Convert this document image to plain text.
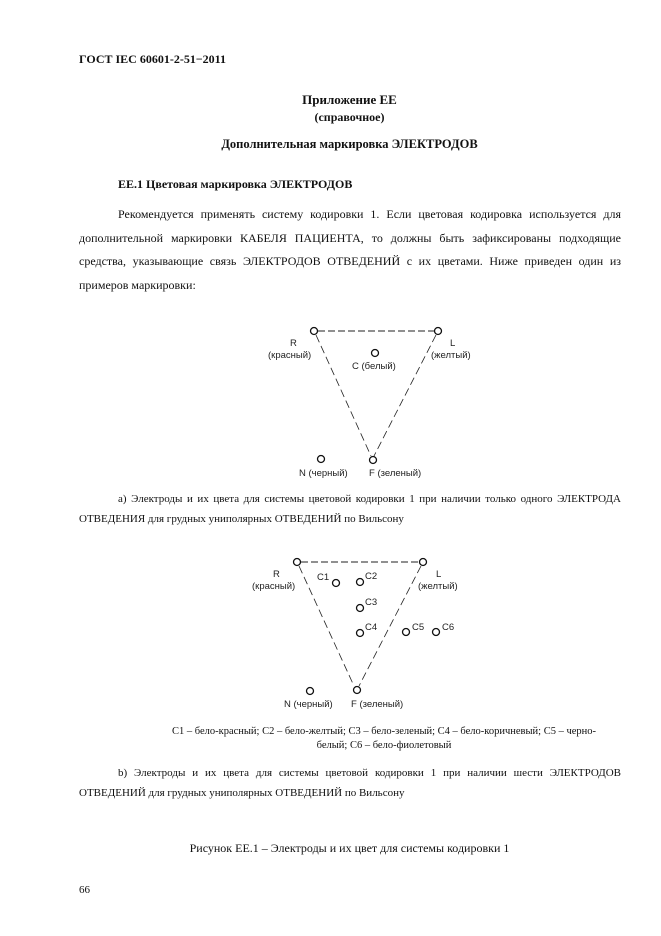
ГОСТ IEC 60601-2-51−2011
Приложение ЕЕ
(справочное)
Дополнительная маркировка ЭЛЕКТРОДОВ
ЕЕ.1 Цветовая маркировка ЭЛЕКТРОДОВ
Рекомендуется применять систему кодировки 1. Если цветовая кодировка используется для дополнительной маркировки КАБЕЛЯ ПАЦИЕНТА, то должны быть зафиксированы подходящие средства, указывающие связь ЭЛЕКТРОДОВ ОТВЕДЕНИЙ с их цветами. Ниже приведен один из примеров маркировки:
R
(красный)
L
(желтый)
C (белый)
N (черный) F (зеленый)
а) Электроды и их цвета для системы цветовой кодировки 1 при наличии только одного ЭЛЕКТРОДА ОТВЕДЕНИЯ для грудных униполярных ОТВЕДЕНИЙ по Вильсону
R
(красный)
L
(желтый)
C1	C2
C3
C4	C5 C6
N (черный) F (зеленый)
C1 – бело-красный; C2 – бело-желтый; C3 – бело-зеленый; C4 – бело-коричневый; C5 – черно-
белый; C6 – бело-фиолетовый
b) Электроды и их цвета для системы цветовой кодировки 1 при наличии шести ЭЛЕКТРОДОВ ОТВЕДЕНИЙ для грудных униполярных ОТВЕДЕНИЙ по Вильсону
Рисунок ЕЕ.1 – Электроды и их цвет для системы кодировки 1
66
